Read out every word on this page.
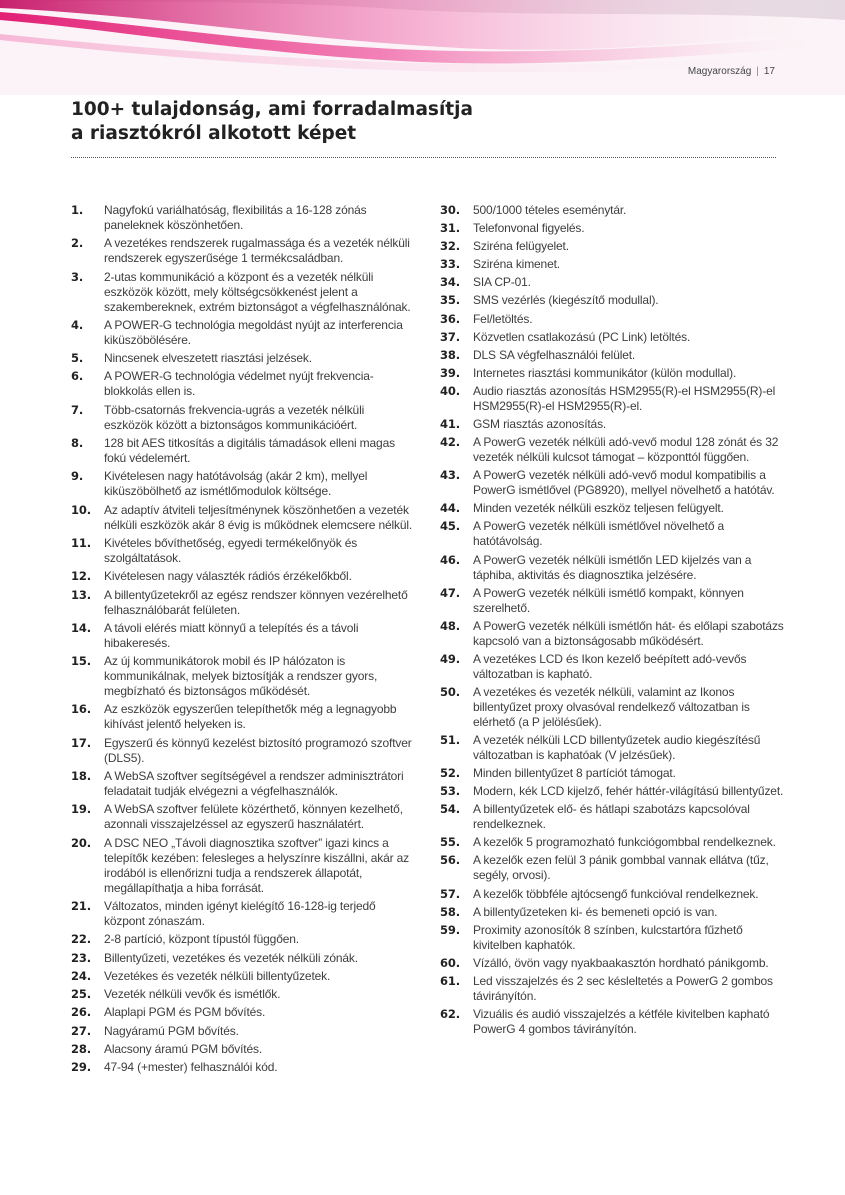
Magyarország | 17
100+ tulajdonság, ami forradalmasítja
a riasztókról alkotott képet
1.	Nagyfokú variálhatóság, flexibilitás a 16-128 zónás paneleknek köszönhetően.
2.	A vezetékes rendszerek rugalmassága és a vezeték nélküli rendszerek egyszerűsége 1 termékcsaládban.
3.	2-utas kommunikáció a központ és a vezeték nélküli eszközök között, mely költségcsökkenést jelent a szakembereknek, extrém biztonságot a végfelhasználónak.
4.	A POWER-G technológia megoldást nyújt az interferencia kiküszöbölésére.
5.	Nincsenek elveszetett riasztási jelzések.
6.	A POWER-G technológia védelmet nyújt frekvencia-blokkolás ellen is.
7.	Több-csatornás frekvencia-ugrás a vezeték nélküli eszközök között a biztonságos kommunikációért.
8.	128 bit AES titkosítás a digitális támadások elleni magas fokú védelemért.
9.	Kivételesen nagy hatótávolság (akár 2 km), mellyel kiküszöbölhető az ismétlőmodulok költsége.
10.	Az adaptív átviteli teljesítménynek köszönhetően a vezeték nélküli eszközök akár 8 évig is működnek elemcsere nélkül.
11.	Kivételes bővíthetőség, egyedi termékelőnyök és szolgáltatások.
12.	Kivételesen nagy választék rádiós érzékelőkből.
13.	A billentyűzetekről az egész rendszer könnyen vezérelhető felhasználóbarát felületen.
14.	A távoli elérés miatt könnyű a telepítés és a távoli hibakeresés.
15.	Az új kommunikátorok mobil és IP hálózaton is kommunikálnak, melyek biztosítják a rendszer gyors, megbízható és biztonságos működését.
16.	Az eszközök egyszerűen telepíthetők még a legnagyobb kihívást jelentő helyeken is.
17.	Egyszerű és könnyű kezelést biztosító programozó szoftver (DLS5).
18.	A WebSA szoftver segítségével a rendszer adminisztrátori feladatait tudják elvégezni a végfelhasználók.
19.	A WebSA szoftver felülete közérthető, könnyen kezelhető, azonnali visszajelzéssel az egyszerű használatért.
20.	A DSC NEO „Távoli diagnosztika szoftver” igazi kincs a telepítők kezében: felesleges a helyszínre kiszállni, akár az irodából is ellenőrizni tudja a rendszerek állapotát, megállapíthatja a hiba forrását.
21.	Változatos, minden igényt kielégítő 16-128-ig terjedő központ zónaszám.
22.	2-8 partíció, központ típustól függően.
23.	Billentyűzeti, vezetékes és vezeték nélküli zónák.
24.	Vezetékes és vezeték nélküli billentyűzetek.
25.	Vezeték nélküli vevők és ismétlők.
26.	Alaplapi PGM és PGM bővítés.
27.	Nagyáramú PGM bővítés.
28.	Alacsony áramú PGM bővítés.
29.	47-94 (+mester) felhasználói kód.
30.	500/1000 tételes eseménytár.
31.	Telefonvonal figyelés.
32.	Sziréna felügyelet.
33.	Sziréna kimenet.
34.	SIA CP-01.
35.	SMS vezérlés (kiegészítő modullal).
36.	Fel/letöltés.
37.	Közvetlen csatlakozású (PC Link) letöltés.
38.	DLS SA végfelhasználói felület.
39.	Internetes riasztási kommunikátor (külön modullal).
40.	Audio riasztás azonosítás HSM2955(R)-el HSM2955(R)-el HSM2955(R)-el HSM2955(R)-el.
41.	GSM riasztás azonosítás.
42.	A PowerG vezeték nélküli adó-vevő modul 128 zónát és 32 vezeték nélküli kulcsot támogat – központtól függően.
43.	A PowerG vezeték nélküli adó-vevő modul kompatibilis a PowerG ismétlővel (PG8920), mellyel növelhető a hatótáv.
44.	Minden vezeték nélküli eszköz teljesen felügyelt.
45.	A PowerG vezeték nélküli ismétlővel növelhető a hatótávolság.
46.	A PowerG vezeték nélküli ismétlőn LED kijelzés van a táphiba, aktivitás és diagnosztika jelzésére.
47.	A PowerG vezeték nélküli ismétlő kompakt, könnyen szerelhető.
48.	A PowerG vezeték nélküli ismétlőn hát- és előlapi szabotázs kapcsoló van a biztonságosabb működésért.
49.	A vezetékes LCD és Ikon kezelő beépített adó-vevős változatban is kapható.
50.	A vezetékes és vezeték nélküli, valamint az Ikonos billentyűzet proxy olvasóval rendelkező változatban is elérhető (a P jelölésűek).
51.	A vezeték nélküli LCD billentyűzetek audio kiegészítésű változatban is kaphatóak (V jelzésűek).
52.	Minden billentyűzet 8 partíciót támogat.
53.	Modern, kék LCD kijelző, fehér háttér-világítású billentyűzet.
54.	A billentyűzetek elő- és hátlapi szabotázs kapcsolóval rendelkeznek.
55.	A kezelők 5 programozható funkciógombbal rendelkeznek.
56.	A kezelők ezen felül 3 pánik gombbal vannak ellátva (tűz, segély, orvosi).
57.	A kezelők többféle ajtócsengő funkcióval rendelkeznek.
58.	A billentyűzeteken ki- és bemeneti opció is van.
59.	Proximity azonosítók 8 színben, kulcstartóra fűzhető kivitelben kaphatók.
60.	Vízálló, övön vagy nyakbaakasztón hordható pánikgomb.
61.	Led visszajelzés és 2 sec késleltetés a PowerG 2 gombos távirányítón.
62.	Vizuális és audió visszajelzés a kétféle kivitelben kapható PowerG 4 gombos távirányítón.
